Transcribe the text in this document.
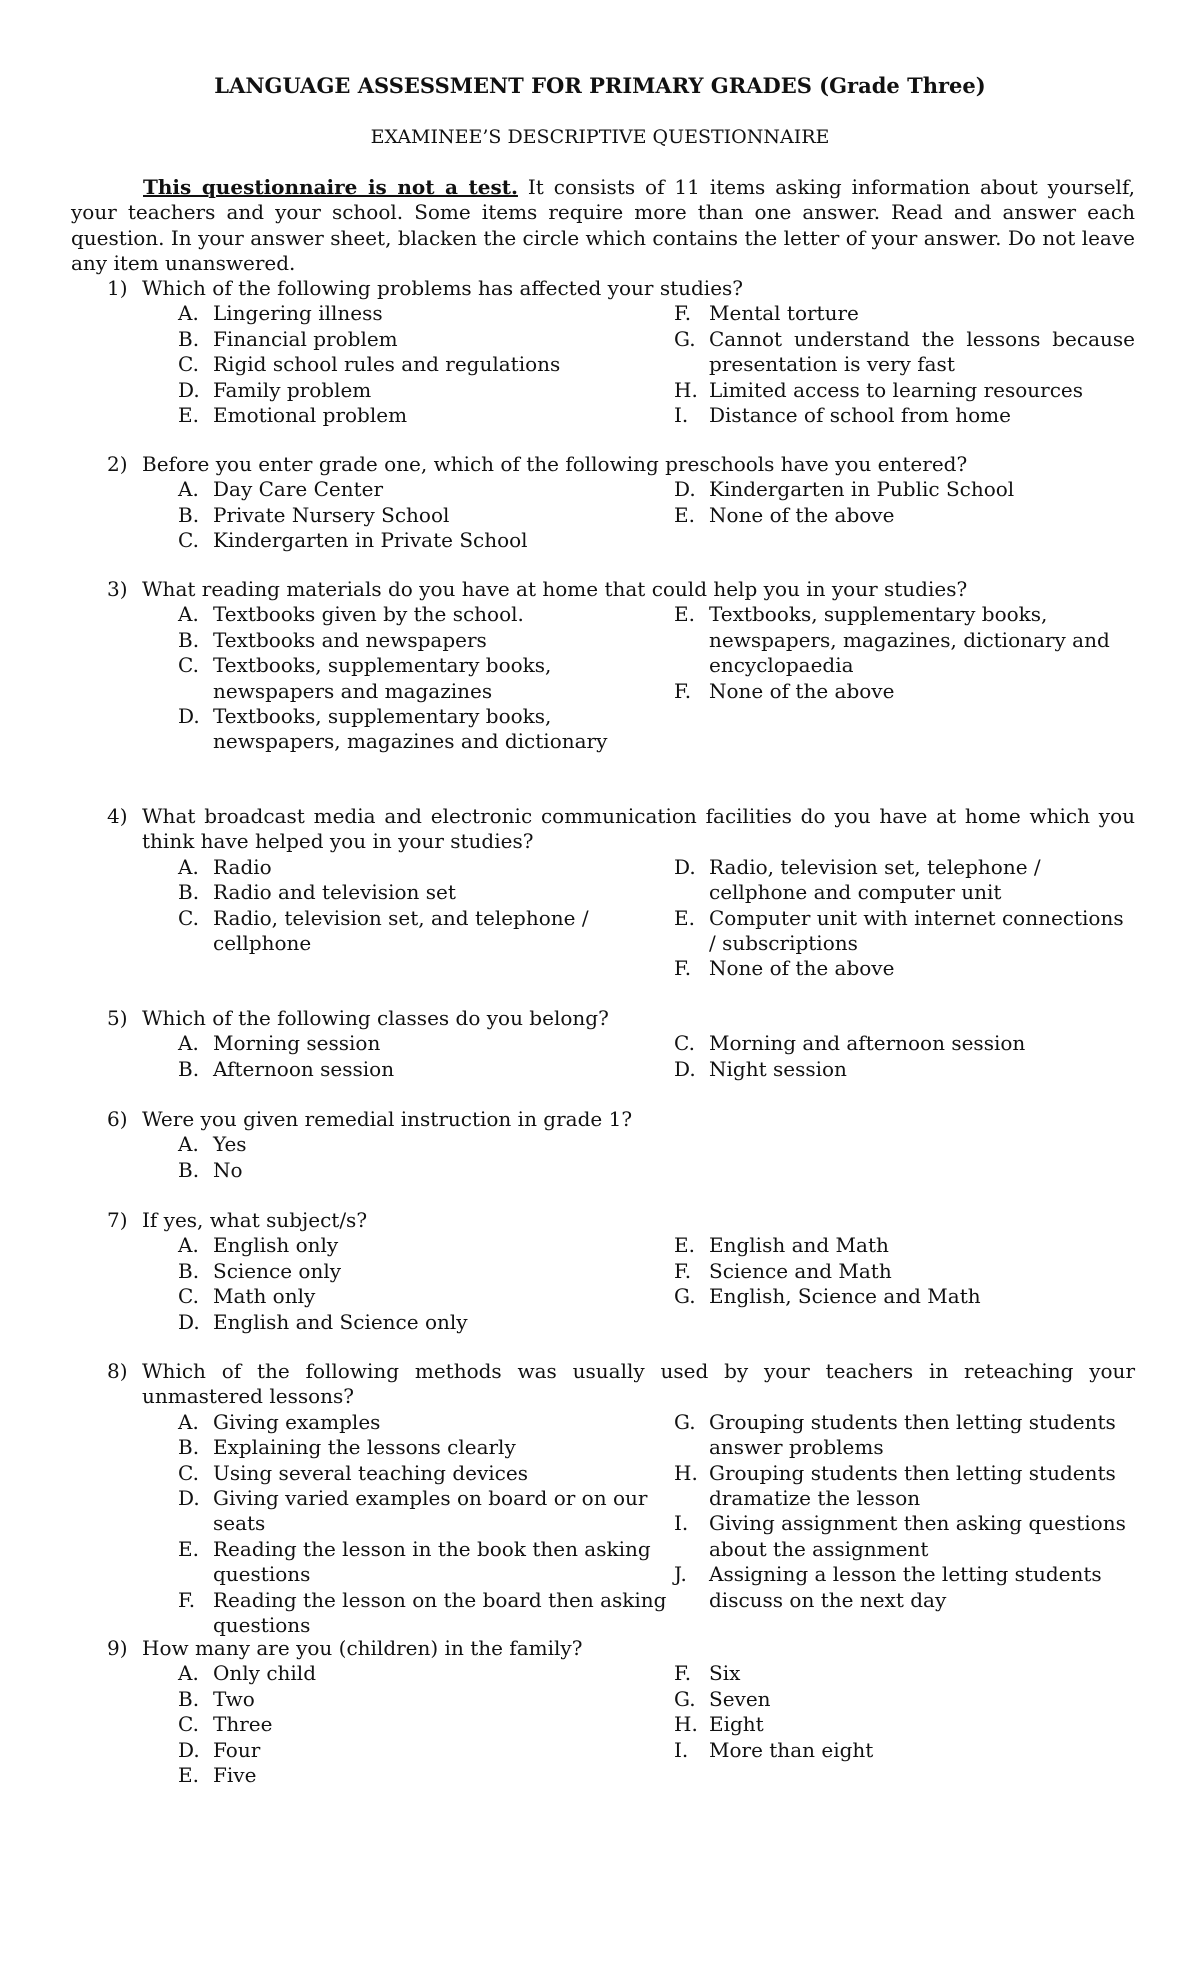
LANGUAGE ASSESSMENT FOR PRIMARY GRADES (Grade Three)
EXAMINEE’S DESCRIPTIVE QUESTIONNAIRE
This questionnaire is not a test. It consists of 11 items asking information about yourself, your teachers and your school. Some items require more than one answer. Read and answer each question. In your answer sheet, blacken the circle which contains the letter of your answer. Do not leave any item unanswered.
1) Which of the following problems has affected your studies?
A. Lingering illness
B. Financial problem
C. Rigid school rules and regulations
D. Family problem
E. Emotional problem
F. Mental torture
G. Cannot understand the lessons because presentation is very fast
H. Limited access to learning resources
I. Distance of school from home
2) Before you enter grade one, which of the following preschools have you entered?
A. Day Care Center
B. Private Nursery School
C. Kindergarten in Private School
D. Kindergarten in Public School
E. None of the above
3) What reading materials do you have at home that could help you in your studies?
A. Textbooks given by the school.
B. Textbooks and newspapers
C. Textbooks, supplementary books, newspapers and magazines
D. Textbooks, supplementary books, newspapers, magazines and dictionary
E. Textbooks, supplementary books, newspapers, magazines, dictionary and encyclopaedia
F. None of the above
4) What broadcast media and electronic communication facilities do you have at home which you think have helped you in your studies?
A. Radio
B. Radio and television set
C. Radio, television set, and telephone / cellphone
D. Radio, television set, telephone / cellphone and computer unit
E. Computer unit with internet connections / subscriptions
F. None of the above
5) Which of the following classes do you belong?
A. Morning session
B. Afternoon session
C. Morning and afternoon session
D. Night session
6) Were you given remedial instruction in grade 1?
A. Yes
B. No
7) If yes, what subject/s?
A. English only
B. Science only
C. Math only
D. English and Science only
E. English and Math
F. Science and Math
G. English, Science and Math
8) Which of the following methods was usually used by your teachers in reteaching your unmastered lessons?
A. Giving examples
B. Explaining the lessons clearly
C. Using several teaching devices
D. Giving varied examples on board or on our seats
E. Reading the lesson in the book then asking questions
F. Reading the lesson on the board then asking questions
G. Grouping students then letting students answer problems
H. Grouping students then letting students dramatize the lesson
I. Giving assignment then asking questions about the assignment
J. Assigning a lesson the letting students discuss on the next day
9) How many are you (children) in the family?
A. Only child
B. Two
C. Three
D. Four
E. Five
F. Six
G. Seven
H. Eight
I. More than eight
